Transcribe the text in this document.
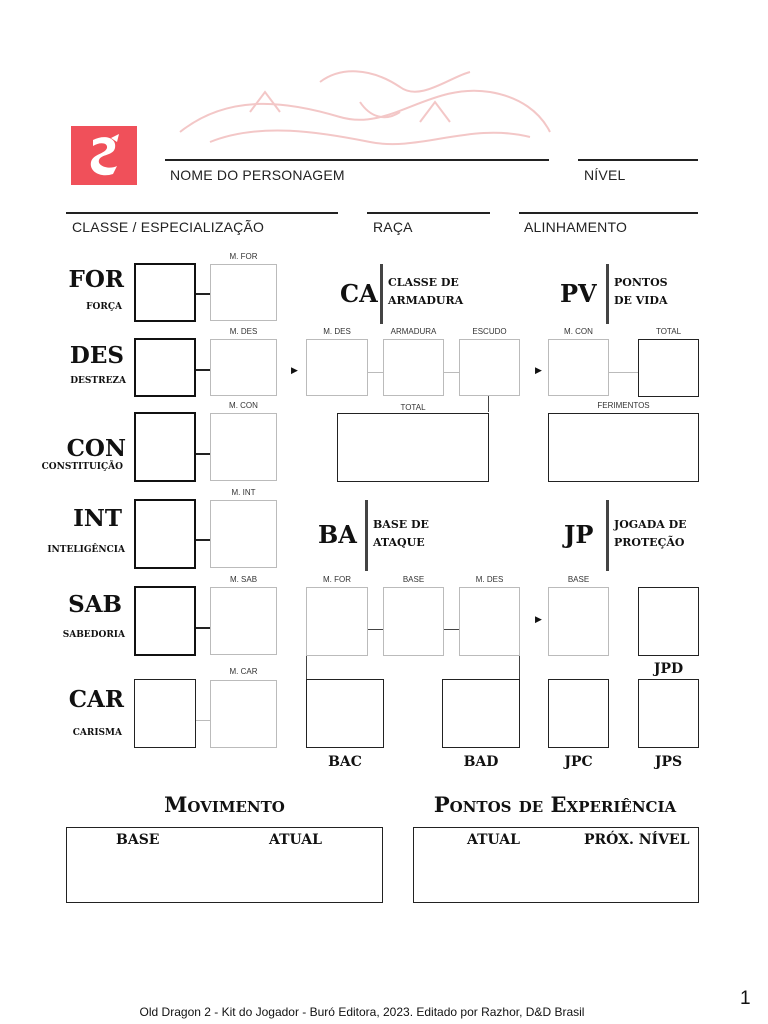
NOME DO PERSONAGEM	NÍVEL
CLASSE / ESPECIALIZAÇÃO	RAÇA	ALINHAMENTO
FOR
FORÇA
M. FOR
DES
DESTREZA
M. DES
CON
CONSTITUIÇÃO
M. CON
INT
INTELIGÊNCIA
M. INT
SAB
SABEDORIA
M. SAB
CAR
CARISMA
M. CAR
CA CLASSE DE
ARMADURA
▶
M. DES	ARMADURA	ESCUDO
TOTAL
PV PONTOS
DE VIDA
▶
M. CON	TOTAL
FERIMENTOS
BA BASE DE
ATAQUE
M. FOR	BASE	M. DES
BAC	BAD
JP JOGADA DE
PROTEÇÃO
▶
BASE
JPD
JPC	JPS
Movimento
BASE	ATUAL
Pontos de Experiência
ATUAL	PRÓX. NÍVEL
Old Dragon 2 - Kit do Jogador - Buró Editora, 2023. Editado por Razhor, D&D Brasil
1
